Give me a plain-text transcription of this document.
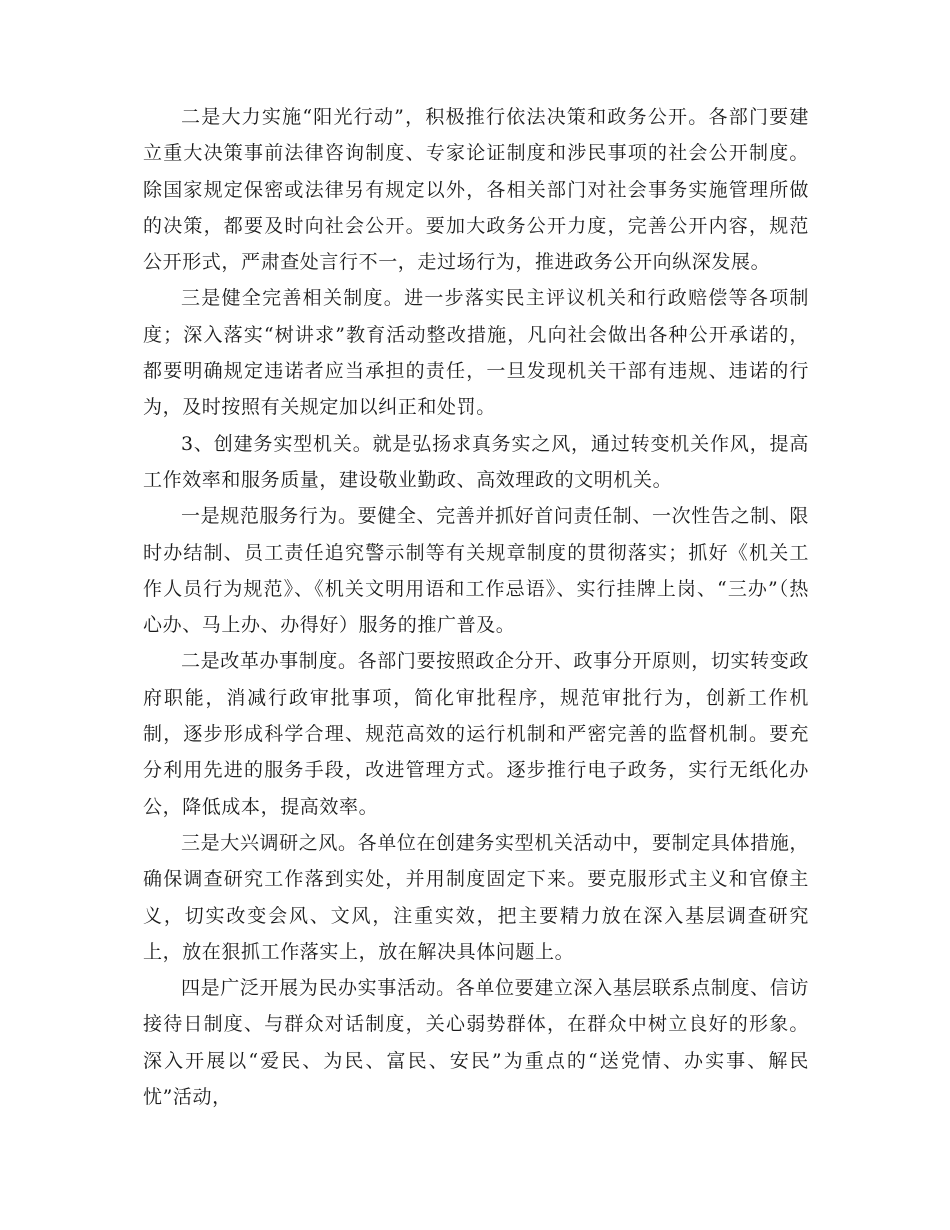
二是大力实施“阳光行动”，积极推行依法决策和政务公开。各部门要建立重大决策事前法律咨询制度、专家论证制度和涉民事项的社会公开制度。除国家规定保密或法律另有规定以外，各相关部门对社会事务实施管理所做的决策，都要及时向社会公开。要加大政务公开力度，完善公开内容，规范公开形式，严肃查处言行不一，走过场行为，推进政务公开向纵深发展。

三是健全完善相关制度。进一步落实民主评议机关和行政赔偿等各项制度；深入落实“树讲求”教育活动整改措施，凡向社会做出各种公开承诺的，都要明确规定违诺者应当承担的责任，一旦发现机关干部有违规、违诺的行为，及时按照有关规定加以纠正和处罚。

3、创建务实型机关。就是弘扬求真务实之风，通过转变机关作风，提高工作效率和服务质量，建设敬业勤政、高效理政的文明机关。

一是规范服务行为。要健全、完善并抓好首问责任制、一次性告之制、限时办结制、员工责任追究警示制等有关规章制度的贯彻落实；抓好《机关工作人员行为规范》、《机关文明用语和工作忌语》、实行挂牌上岗、“三办”（热心办、马上办、办得好）服务的推广普及。

二是改革办事制度。各部门要按照政企分开、政事分开原则，切实转变政府职能，消减行政审批事项，简化审批程序，规范审批行为，创新工作机制，逐步形成科学合理、规范高效的运行机制和严密完善的监督机制。要充分利用先进的服务手段，改进管理方式。逐步推行电子政务，实行无纸化办公，降低成本，提高效率。

三是大兴调研之风。各单位在创建务实型机关活动中，要制定具体措施，确保调查研究工作落到实处，并用制度固定下来。要克服形式主义和官僚主义，切实改变会风、文风，注重实效，把主要精力放在深入基层调查研究上，放在狠抓工作落实上，放在解决具体问题上。

四是广泛开展为民办实事活动。各单位要建立深入基层联系点制度、信访接待日制度、与群众对话制度，关心弱势群体，在群众中树立良好的形象。深入开展以“爱民、为民、富民、安民”为重点的“送党情、办实事、解民忧”活动，
